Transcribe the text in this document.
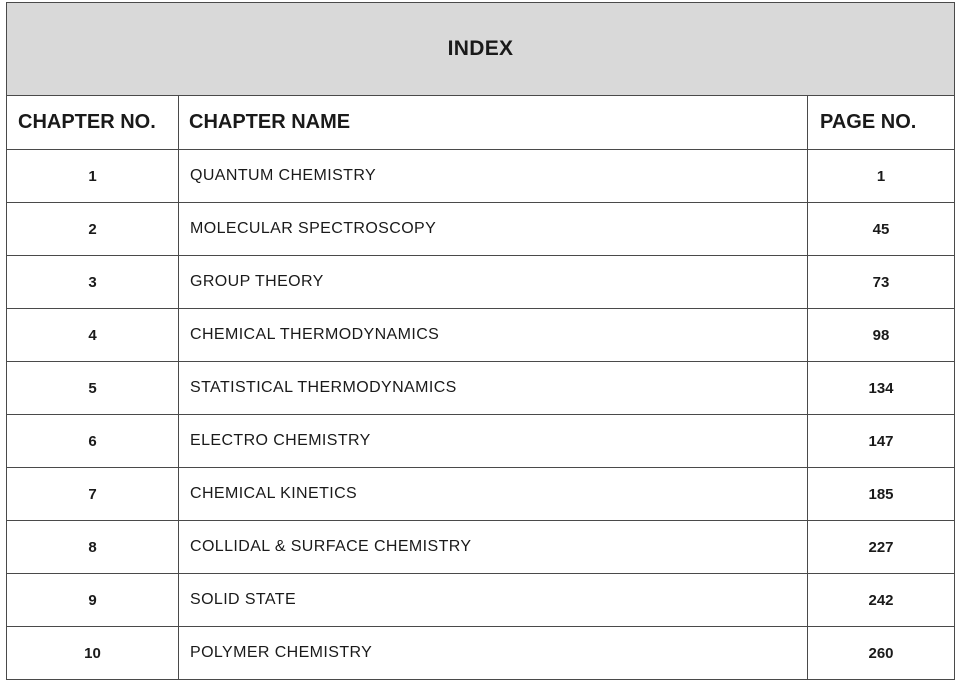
INDEX		
CHAPTER NO.	CHAPTER NAME	PAGE NO.
1	QUANTUM CHEMISTRY	1
2	MOLECULAR SPECTROSCOPY	45
3	GROUP THEORY	73
4	CHEMICAL THERMODYNAMICS	98
5	STATISTICAL THERMODYNAMICS	134
6	ELECTRO CHEMISTRY	147
7	CHEMICAL KINETICS	185
8	COLLIDAL & SURFACE CHEMISTRY	227
9	SOLID STATE	242
10	POLYMER CHEMISTRY	260
